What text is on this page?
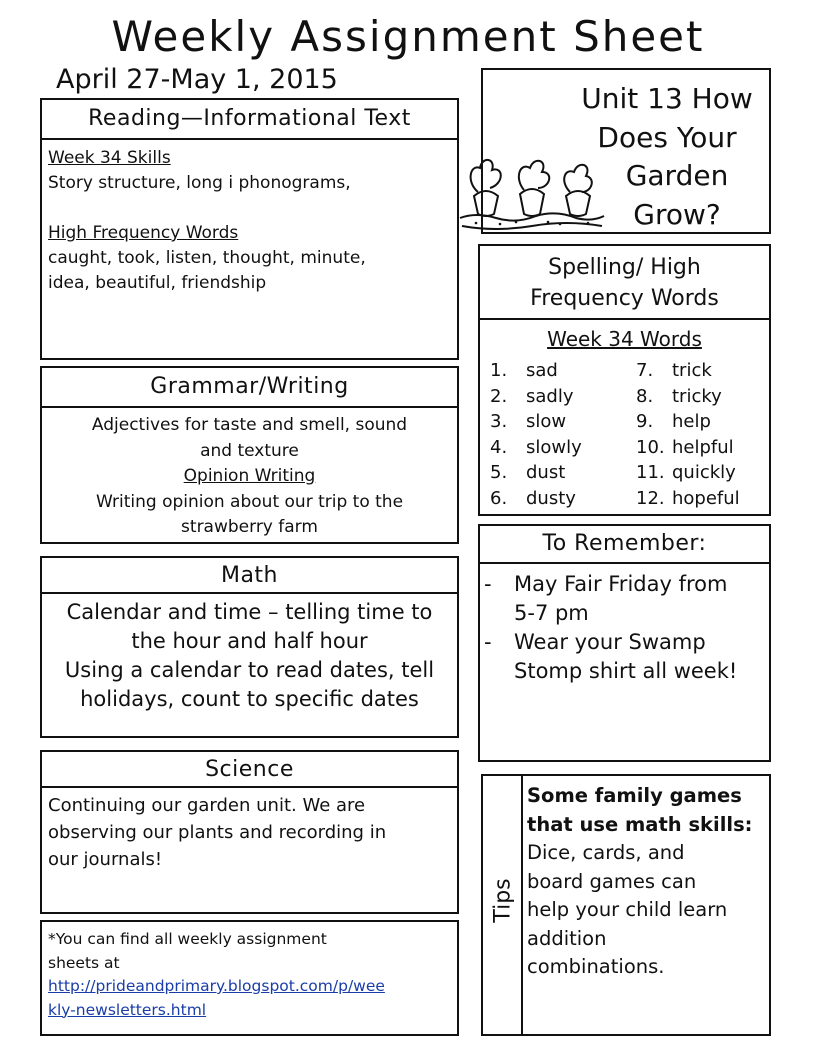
Weekly Assignment Sheet
April 27-May 1, 2015
Reading—Informational Text

Week 34 Skills

Story structure, long i phonograms,

High Frequency Words

caught, took, listen, thought, minute,

idea, beautiful, friendship

Unit 13 How
Does Your
Garden
Grow?
Spelling/ High
Frequency Words
Week 34 Words
1.	sad	7.	trick
2.	sadly	8.	tricky
3.	slow	9.	help
4.	slowly	10. helpful
5.	dust	11. quickly
6.	dusty	12. hopeful
Grammar/Writing
Adjectives for taste and smell, sound
and texture
Opinion Writing
Writing opinion about our trip to the
strawberry farm
To Remember:
-	May Fair Friday from
5-7 pm
-	Wear your Swamp
Stomp shirt all week!
Math
Calendar and time – telling time to
the hour and half hour
Using a calendar to read dates, tell
holidays, count to specific dates
Science
Continuing our garden unit. We are
observing our plants and recording in
our journals!
*You can find all weekly assignment
sheets at
http://prideandprimary.blogspot.com/p/wee
kly-newsletters.html
Tips
Some family games
that use math skills:
Dice, cards, and
board games can
help your child learn
addition
combinations.
